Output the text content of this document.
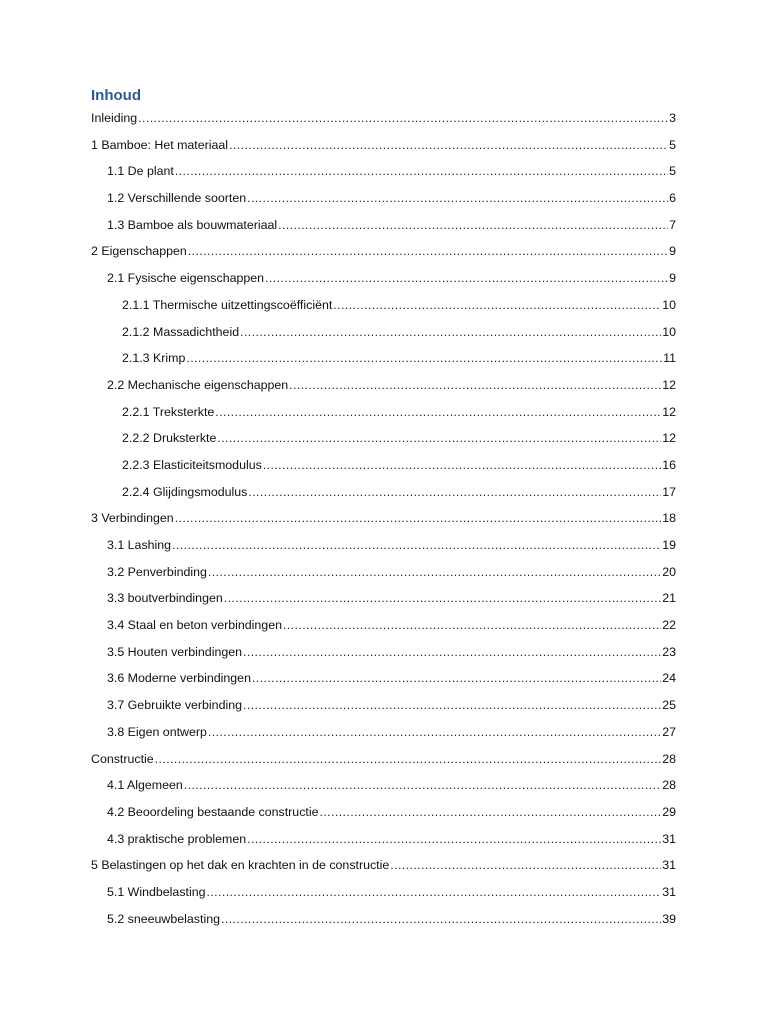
Inhoud
Inleiding .....	3
1 Bamboe: Het materiaal .....	5
1.1 De plant .....	5
1.2 Verschillende soorten .....	6
1.3 Bamboe als bouwmateriaal .....	7
2 Eigenschappen .....	9
2.1 Fysische eigenschappen .....	9
2.1.1 Thermische uitzettingscoëfficiënt .....	10
2.1.2 Massadichtheid .....	10
2.1.3 Krimp .....	11
2.2 Mechanische eigenschappen .....	12
2.2.1 Treksterkte .....	12
2.2.2 Druksterkte .....	12
2.2.3 Elasticiteitsmodulus .....	16
2.2.4 Glijdingsmodulus .....	17
3 Verbindingen .....	18
3.1 Lashing .....	19
3.2 Penverbinding .....	20
3.3 boutverbindingen .....	21
3.4 Staal en beton verbindingen .....	22
3.5 Houten verbindingen .....	23
3.6 Moderne verbindingen .....	24
3.7 Gebruikte verbinding .....	25
3.8 Eigen ontwerp .....	27
Constructie .....	28
4.1 Algemeen .....	28
4.2 Beoordeling bestaande constructie .....	29
4.3 praktische problemen .....	31
5 Belastingen op het dak en krachten in de constructie .....	31
5.1 Windbelasting .....	31
5.2 sneeuwbelasting .....	39
